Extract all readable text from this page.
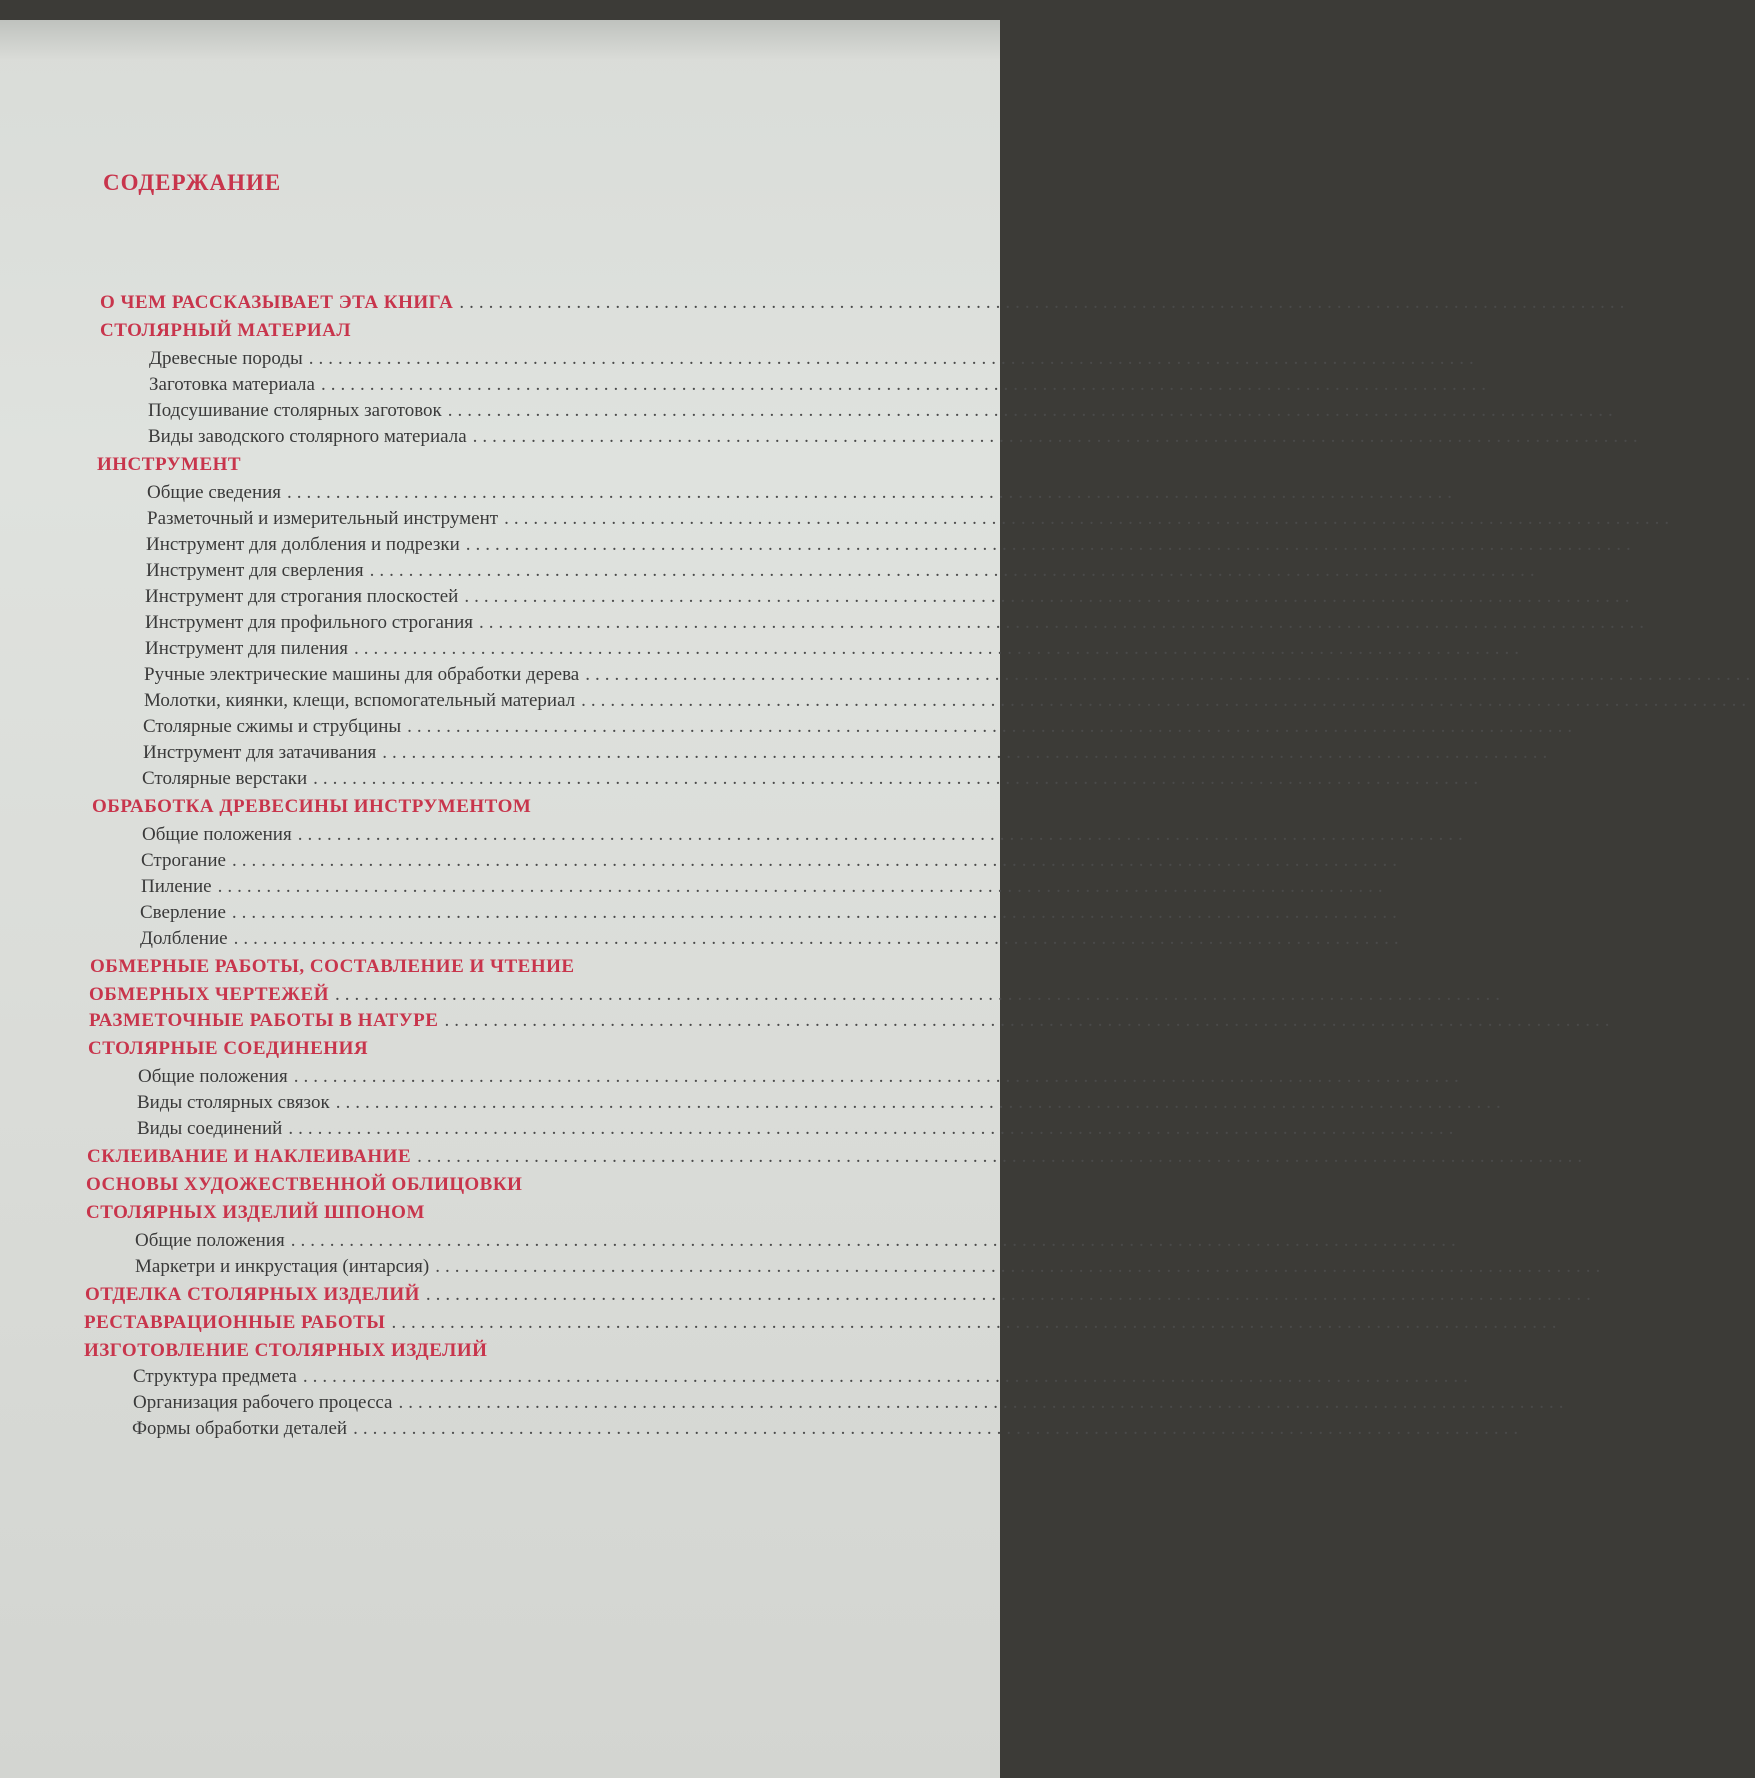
СОДЕРЖАНИЕ
О ЧЕМ РАССКАЗЫВАЕТ ЭТА КНИГА ........................................................................................................................
СТОЛЯРНЫЙ МАТЕРИАЛ
Древесные породы ........................................................................................................................
Заготовка материала ........................................................................................................................
Подсушивание столярных заготовок ........................................................................................................................
Виды заводского столярного материала ........................................................................................................................
ИНСТРУМЕНТ
Общие сведения ........................................................................................................................
Разметочный и измерительный инструмент ........................................................................................................................
Инструмент для долбления и подрезки ........................................................................................................................
Инструмент для сверления ........................................................................................................................
Инструмент для строгания плоскостей ........................................................................................................................
Инструмент для профильного строгания ........................................................................................................................
Инструмент для пиления ........................................................................................................................
Ручные электрические машины для обработки дерева ........................................................................................................................
Молотки, киянки, клещи, вспомогательный материал ........................................................................................................................
Столярные сжимы и струбцины ........................................................................................................................
Инструмент для затачивания ........................................................................................................................
Столярные верстаки ........................................................................................................................
ОБРАБОТКА ДРЕВЕСИНЫ ИНСТРУМЕНТОМ
Общие положения ........................................................................................................................
Строгание ........................................................................................................................
Пиление ........................................................................................................................
Сверление ........................................................................................................................
Долбление ........................................................................................................................
ОБМЕРНЫЕ РАБОТЫ, СОСТАВЛЕНИЕ И ЧТЕНИЕ
ОБМЕРНЫХ ЧЕРТЕЖЕЙ ........................................................................................................................
РАЗМЕТОЧНЫЕ РАБОТЫ В НАТУРЕ ........................................................................................................................
СТОЛЯРНЫЕ СОЕДИНЕНИЯ
Общие положения ........................................................................................................................
Виды столярных связок ........................................................................................................................
Виды соединений ........................................................................................................................
СКЛЕИВАНИЕ И НАКЛЕИВАНИЕ ........................................................................................................................
ОСНОВЫ ХУДОЖЕСТВЕННОЙ ОБЛИЦОВКИ
СТОЛЯРНЫХ ИЗДЕЛИЙ ШПОНОМ
Общие положения ........................................................................................................................
Маркетри и инкрустация (интарсия) ........................................................................................................................
ОТДЕЛКА СТОЛЯРНЫХ ИЗДЕЛИЙ ........................................................................................................................
РЕСТАВРАЦИОННЫЕ РАБОТЫ ........................................................................................................................
ИЗГОТОВЛЕНИЕ СТОЛЯРНЫХ ИЗДЕЛИЙ
Структура предмета ........................................................................................................................
Организация рабочего процесса ........................................................................................................................
Формы обработки деталей ........................................................................................................................
